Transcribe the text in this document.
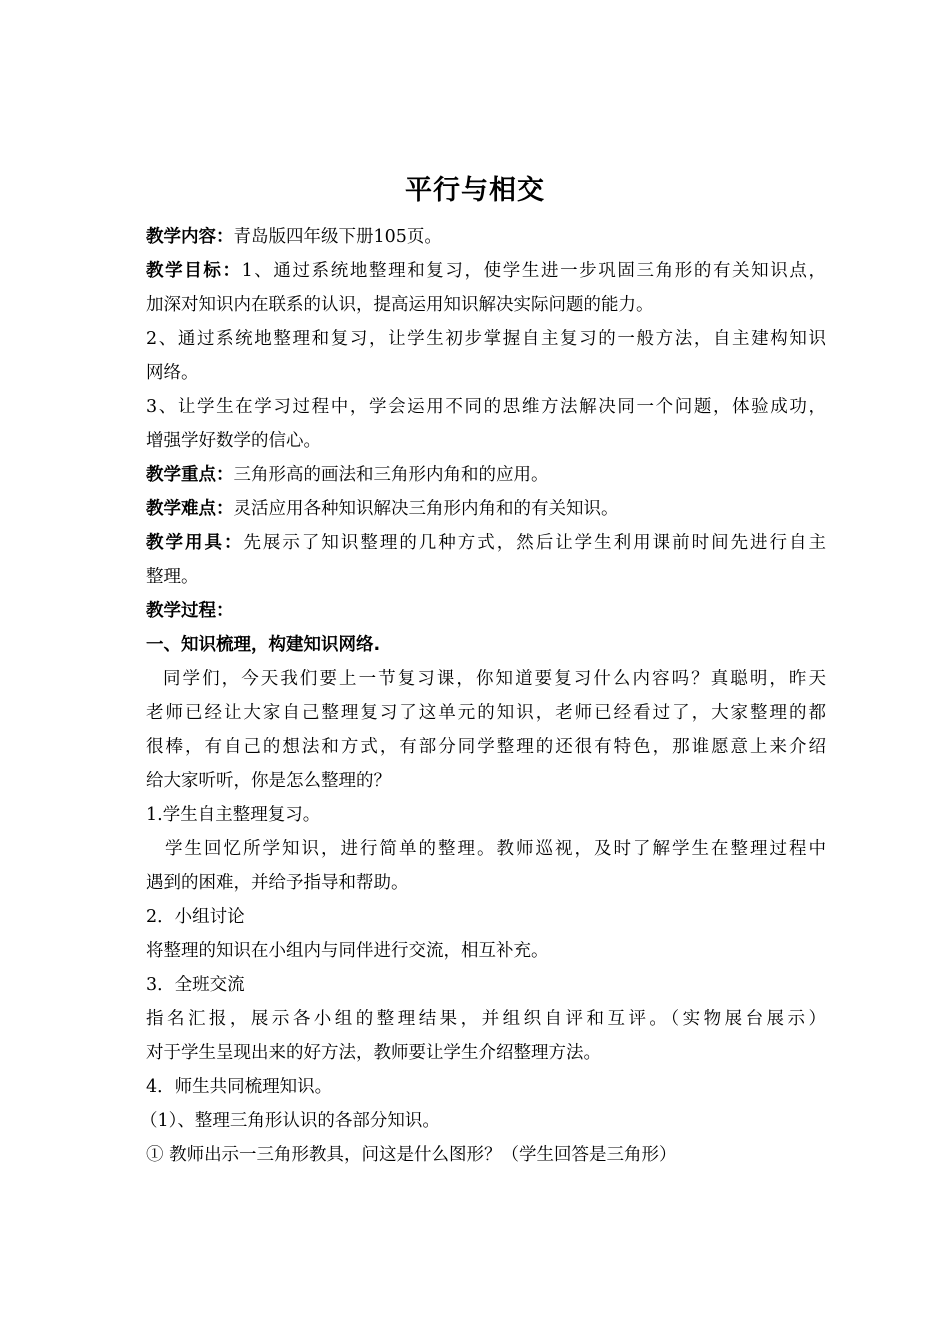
平行与相交
教学内容：青岛版四年级下册105页。
教学目标：1、通过系统地整理和复习，使学生进一步巩固三角形的有关知识点，
加深对知识内在联系的认识，提高运用知识解决实际问题的能力。
2、通过系统地整理和复习，让学生初步掌握自主复习的一般方法，自主建构知识
网络。
3、让学生在学习过程中，学会运用不同的思维方法解决同一个问题，体验成功，
增强学好数学的信心。
教学重点：三角形高的画法和三角形内角和的应用。
教学难点：灵活应用各种知识解决三角形内角和的有关知识。
教学用具：先展示了知识整理的几种方式，然后让学生利用课前时间先进行自主
整理。
教学过程：
一、知识梳理，构建知识网络.
同学们，今天我们要上一节复习课，你知道要复习什么内容吗？真聪明，昨天
老师已经让大家自己整理复习了这单元的知识，老师已经看过了，大家整理的都
很棒，有自己的想法和方式，有部分同学整理的还很有特色，那谁愿意上来介绍
给大家听听，你是怎么整理的？
1.学生自主整理复习。
学生回忆所学知识，进行简单的整理。教师巡视，及时了解学生在整理过程中
遇到的困难，并给予指导和帮助。
2．小组讨论
将整理的知识在小组内与同伴进行交流，相互补充。
3．全班交流
指名汇报，展示各小组的整理结果，并组织自评和互评。（实物展台展示）
对于学生呈现出来的好方法，教师要让学生介绍整理方法。
4．师生共同梳理知识。
（1）、整理三角形认识的各部分知识。
① 教师出示一三角形教具，问这是什么图形？（学生回答是三角形）
